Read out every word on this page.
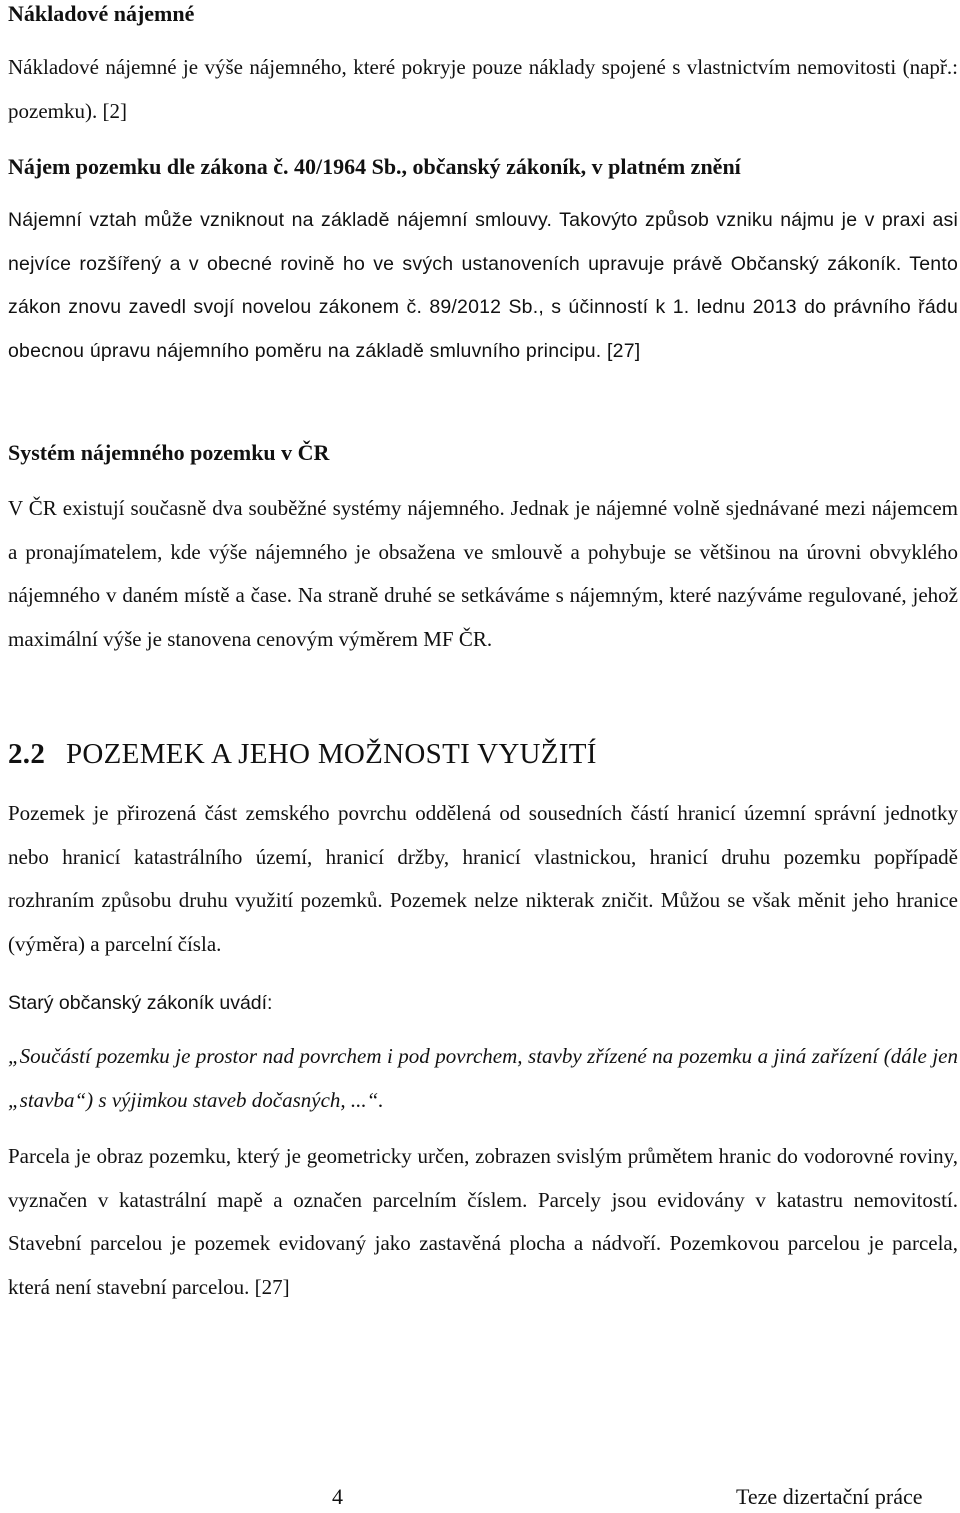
Nákladové nájemné

Nákladové nájemné je výše nájemného, které pokryje pouze náklady spojené s vlastnictvím nemovitosti (např.: pozemku). [2]

Nájem pozemku dle zákona č. 40/1964 Sb., občanský zákoník, v platném znění

Nájemní vztah může vzniknout na základě nájemní smlouvy. Takovýto způsob vzniku nájmu je v praxi asi nejvíce rozšířený a v obecné rovině ho ve svých ustanoveních upravuje právě Občanský zákoník. Tento zákon znovu zavedl svojí novelou zákonem č. 89/2012 Sb., s účinností k 1. lednu 2013 do právního řádu obecnou úpravu nájemního poměru na základě smluvního principu. [27]

Systém nájemného pozemku v ČR

V ČR existují současně dva souběžné systémy nájemného. Jednak je nájemné volně sjednávané mezi nájemcem a pronajímatelem, kde výše nájemného je obsažena ve smlouvě a pohybuje se většinou na úrovni obvyklého nájemného v daném místě a čase. Na straně druhé se setkáváme s nájemným, které nazýváme regulované, jehož maximální výše je stanovena cenovým výměrem MF ČR.

2.2 POZEMEK A JEHO MOŽNOSTI VYUŽITÍ

Pozemek je přirozená část zemského povrchu oddělená od sousedních částí hranicí územní správní jednotky nebo hranicí katastrálního území, hranicí držby, hranicí vlastnickou, hranicí druhu pozemku popřípadě rozhraním způsobu druhu využití pozemků. Pozemek nelze nikterak zničit. Můžou se však měnit jeho hranice (výměra) a parcelní čísla.

Starý občanský zákoník uvádí:

„Součástí pozemku je prostor nad povrchem i pod povrchem, stavby zřízené na pozemku a jiná zařízení (dále jen „stavba“) s výjimkou staveb dočasných, ...“.

Parcela je obraz pozemku, který je geometricky určen, zobrazen svislým průmětem hranic do vodorovné roviny, vyznačen v katastrální mapě a označen parcelním číslem. Parcely jsou evidovány v katastru nemovitostí. Stavební parcelou je pozemek evidovaný jako zastavěná plocha a nádvoří. Pozemkovou parcelou je parcela, která není stavební parcelou. [27]

4	Teze dizertační práce
